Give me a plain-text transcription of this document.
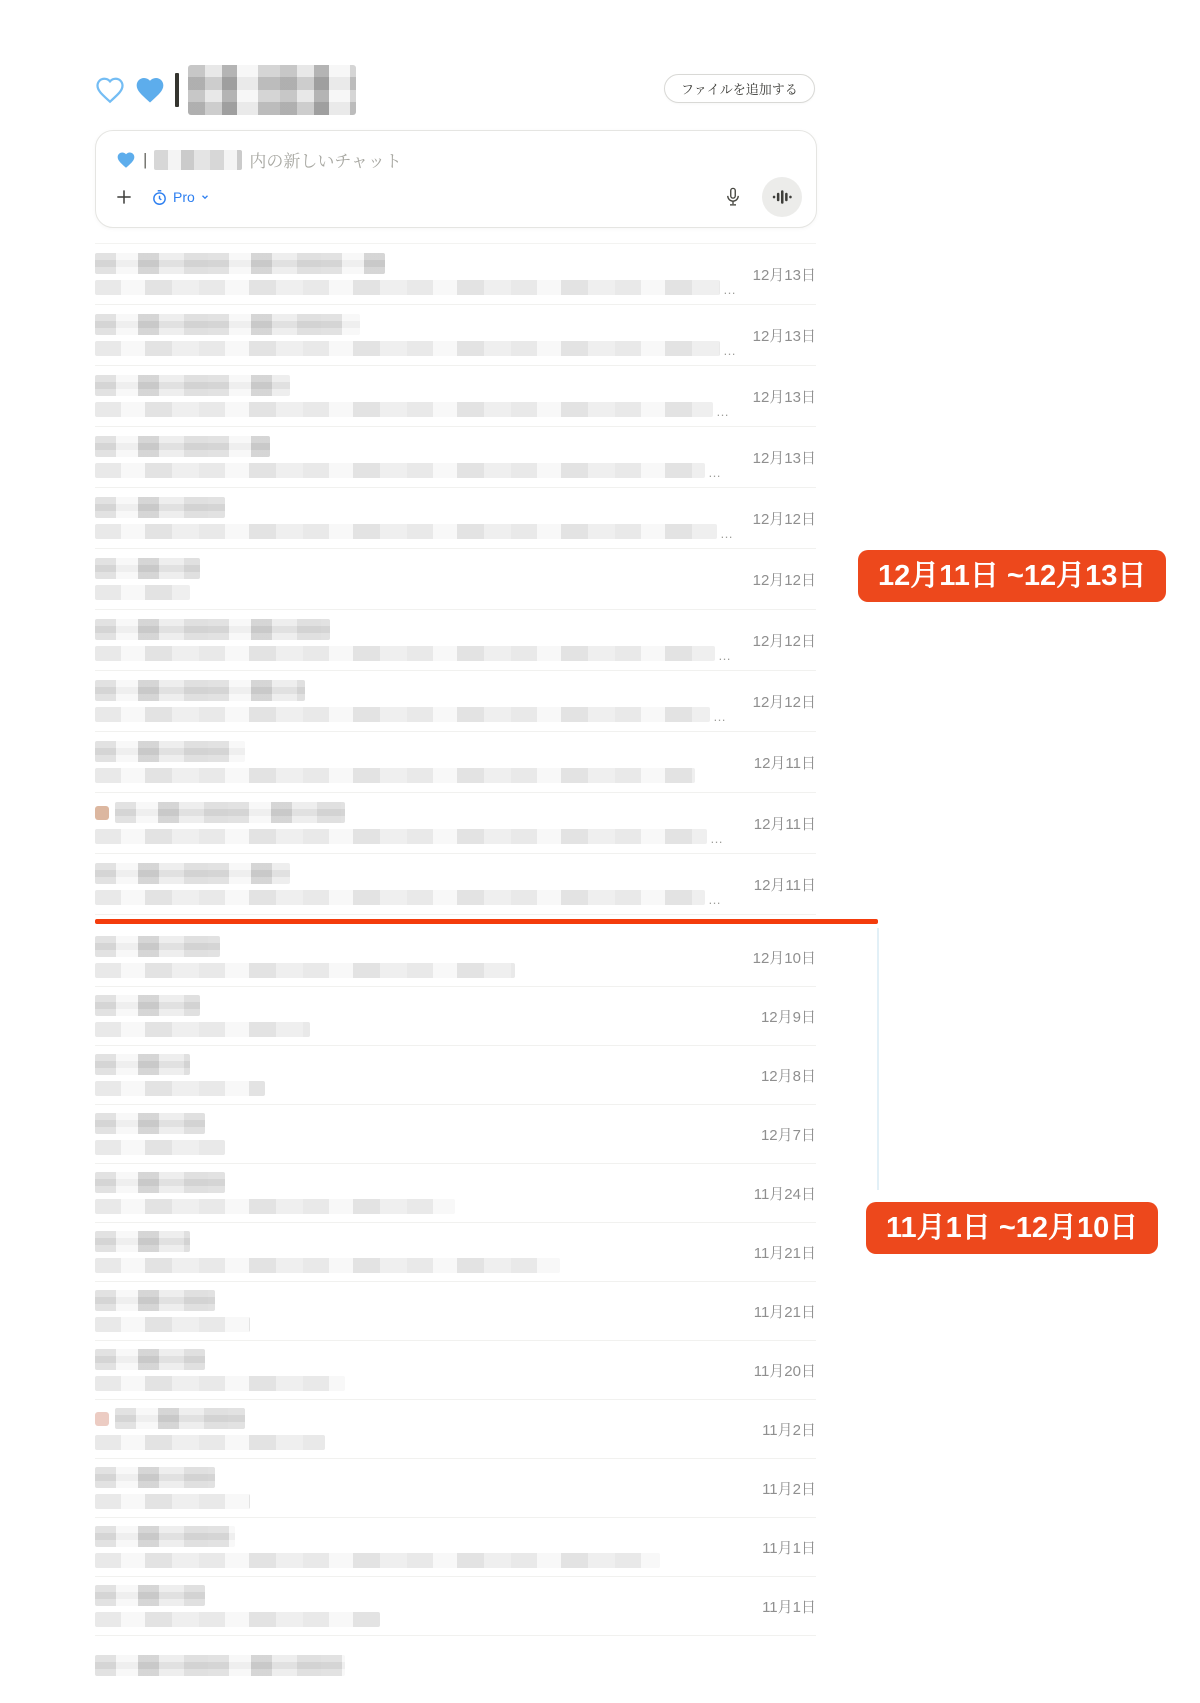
ファイルを追加する
|	内の新しいチャット
Pro
…
12月13日
…
12月13日
…
12月13日
…
12月13日
…
12月12日
12月12日
…
12月12日
…
12月12日
12月11日
…
12月11日
…
12月11日
12月10日
12月9日
12月8日
12月7日
11月24日
11月21日
11月21日
11月20日
11月2日
11月2日
11月1日
11月1日
12月11日 ~12月13日
11月1日 ~12月10日
